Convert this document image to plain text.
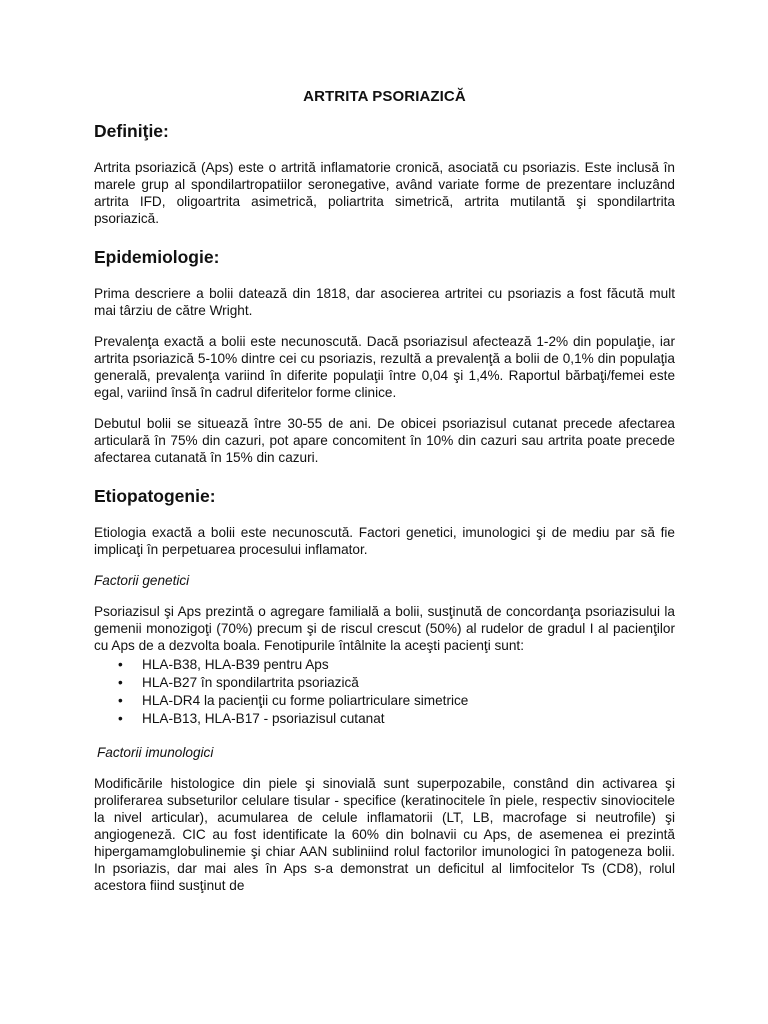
ARTRITA PSORIAZICĂ
Definiţie:

Artrita psoriazică (Aps) este o artrită inflamatorie cronică, asociată cu psoriazis. Este inclusă în marele grup al spondilartropatiilor seronegative, având variate forme de prezentare incluzând artrita IFD, oligoartrita asimetrică, poliartrita simetrică, artrita mutilantă şi spondilartrita psoriazică.

Epidemiologie:

Prima descriere a bolii datează din 1818, dar asocierea artritei cu psoriazis a fost făcută mult mai târziu de către Wright.

Prevalenţa exactă a bolii este necunoscută. Dacă psoriazisul afectează 1-2% din populaţie, iar artrita psoriazică 5-10% dintre cei cu psoriazis, rezultă a prevalenţă a bolii de 0,1% din populaţia generală, prevalenţa variind în diferite populaţii între 0,04 şi 1,4%. Raportul bărbaţi/femei este egal, variind însă în cadrul diferitelor forme clinice.

Debutul bolii se situează între 30-55 de ani. De obicei psoriazisul cutanat precede afectarea articulară în 75% din cazuri, pot apare concomitent în 10% din cazuri sau artrita poate precede afectarea cutanată în 15% din cazuri.

Etiopatogenie:

Etiologia exactă a bolii este necunoscută. Factori genetici, imunologici şi de mediu par să fie implicaţi în perpetuarea procesului inflamator.

Factorii genetici

Psoriazisul şi Aps prezintă o agregare familială a bolii, susţinută de concordanţa psoriazisului la gemenii monozigoţi (70%) precum şi de riscul crescut (50%) al rudelor de gradul I al pacienţilor cu Aps de a dezvolta boala. Fenotipurile întâlnite la aceşti pacienţi sunt:

• HLA-B38, HLA-B39 pentru Aps
• HLA-B27 în spondilartrita psoriazică
• HLA-DR4 la pacienţii cu forme poliartriculare simetrice
• HLA-B13, HLA-B17 - psoriazisul cutanat
Factorii imunologici

Modificările histologice din piele şi sinovială sunt superpozabile, constând din activarea şi proliferarea subseturilor celulare tisular - specifice (keratinocitele în piele, respectiv sinoviocitele la nivel articular), acumularea de celule inflamatorii (LT, LB, macrofage si neutrofile) şi angiogeneză. CIC au fost identificate la 60% din bolnavii cu Aps, de asemenea ei prezintă hipergamamglobulinemie şi chiar AAN subliniind rolul factorilor imunologici în patogeneza bolii. In psoriazis, dar mai ales în Aps s-a demonstrat un deficitul al limfocitelor Ts (CD8), rolul acestora fiind susţinut de
